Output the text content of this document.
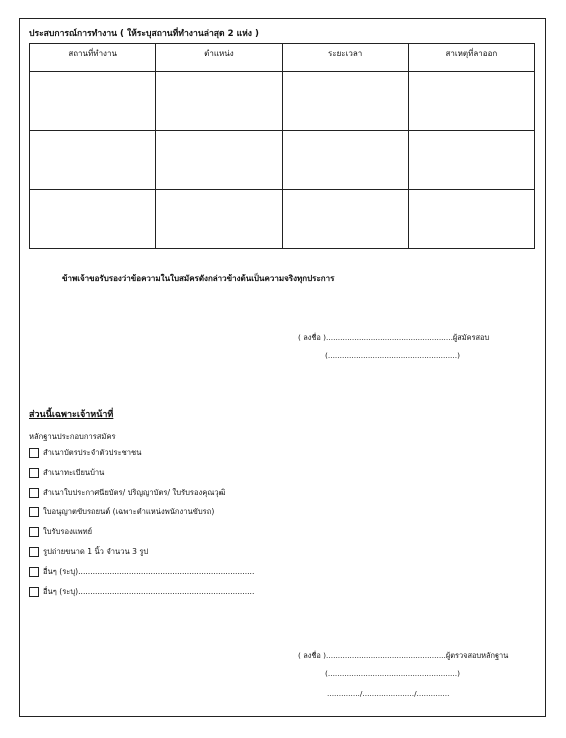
ประสบการณ์การทำงาน ( ให้ระบุสถานที่ทำงานล่าสุด 2 แห่ง )
สถานที่ทำงาน	ตำแหน่ง	ระยะเวลา	สาเหตุที่ลาออก

ข้าพเจ้าขอรับรองว่าข้อความในใบสมัครดังกล่าวข้างต้นเป็นความจริงทุกประการ
( ลงชื่อ )......................................................ผู้สมัครสอบ
(.......................................................)
ส่วนนี้เฉพาะเจ้าหน้าที่
หลักฐานประกอบการสมัคร
สำเนาบัตรประจำตัวประชาชน
สำเนาทะเบียนบ้าน
สำเนาใบประกาศนียบัตร/ ปริญญาบัตร/ ใบรับรองคุณวุฒิ
ใบอนุญาตขับรถยนต์ (เฉพาะตำแหน่งพนักงานขับรถ)
ใบรับรองแพทย์
รูปถ่ายขนาด 1 นิ้ว จำนวน 3 รูป
อื่นๆ (ระบุ).........................................................................
อื่นๆ (ระบุ).........................................................................
( ลงชื่อ )...................................................ผู้ตรวจสอบหลักฐาน
(.......................................................)
............../....................../..............
